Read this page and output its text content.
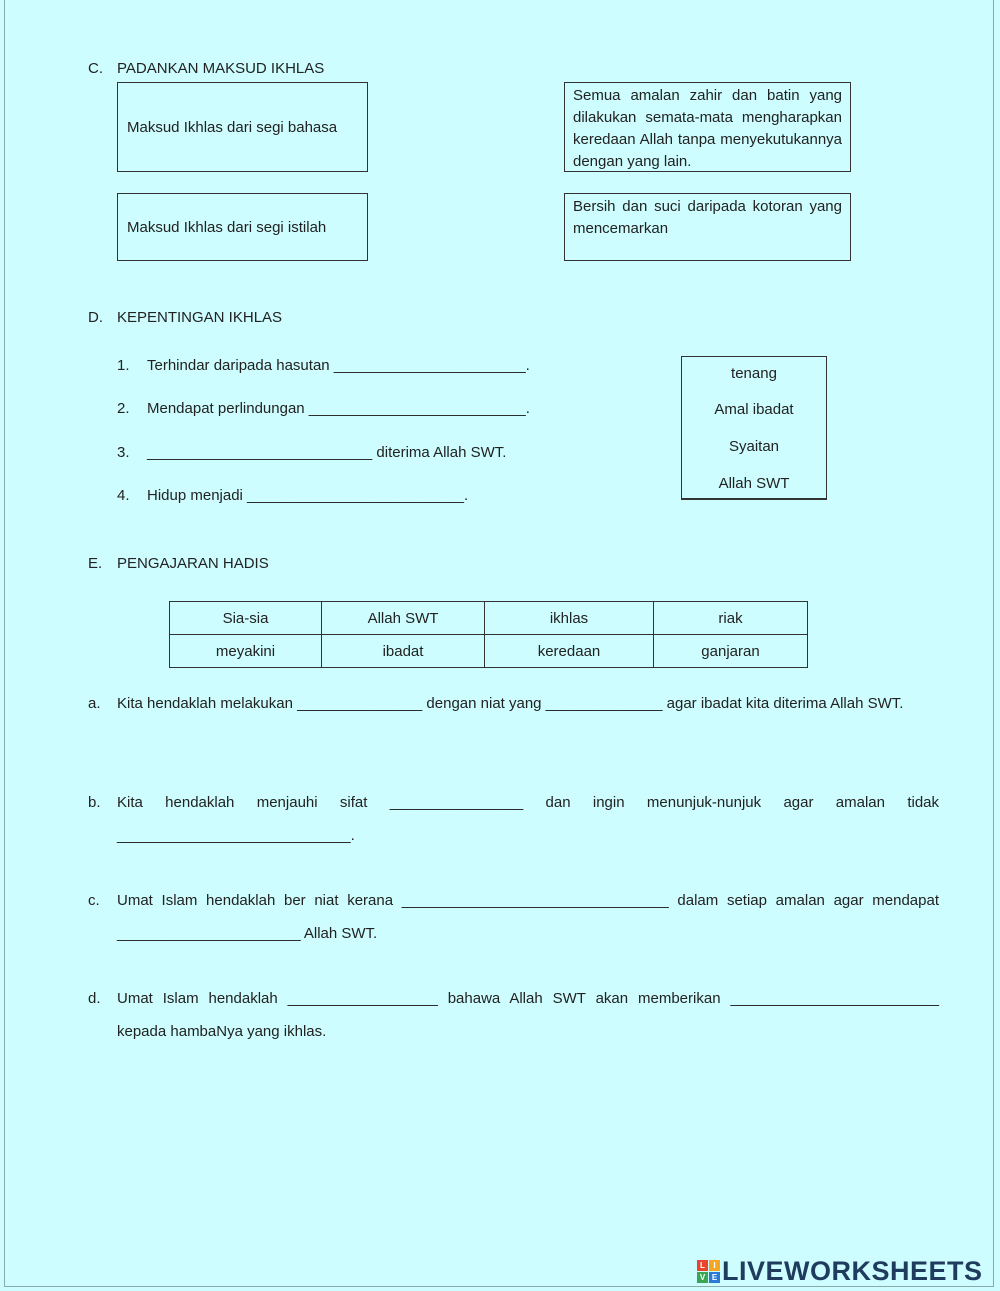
C. PADANKAN MAKSUD IKHLAS
Maksud Ikhlas dari segi bahasa
Maksud Ikhlas dari segi istilah
Semua amalan zahir dan batin yang dilakukan semata-mata mengharapkan keredaan Allah tanpa menyekutukannya dengan yang lain.
Bersih dan suci daripada kotoran yang mencemarkan
D. KEPENTINGAN IKHLAS
1. Terhindar daripada hasutan _______________________.
2. Mendapat perlindungan __________________________.
3. ___________________________ diterima Allah SWT.
4. Hidup menjadi __________________________.
tenang
Amal ibadat
Syaitan
Allah SWT
E. PENGAJARAN HADIS
Sia-sia	Allah SWT	ikhlas	riak
meyakini	ibadat	keredaan	ganjaran
a. Kita hendaklah melakukan _______________ dengan niat yang ______________ agar ibadat kita diterima Allah SWT.
b. Kita hendaklah menjauhi sifat ________________ dan ingin menunjuk-nunjuk agar amalan tidak ____________________________.
c. Umat Islam hendaklah ber niat kerana ________________________________ dalam setiap amalan agar mendapat ______________________ Allah SWT.
d. Umat Islam hendaklah __________________ bahawa Allah SWT akan memberikan _________________________ kepada hambaNya yang ikhlas.
L	I
V E LIVEWORKSHEETS
